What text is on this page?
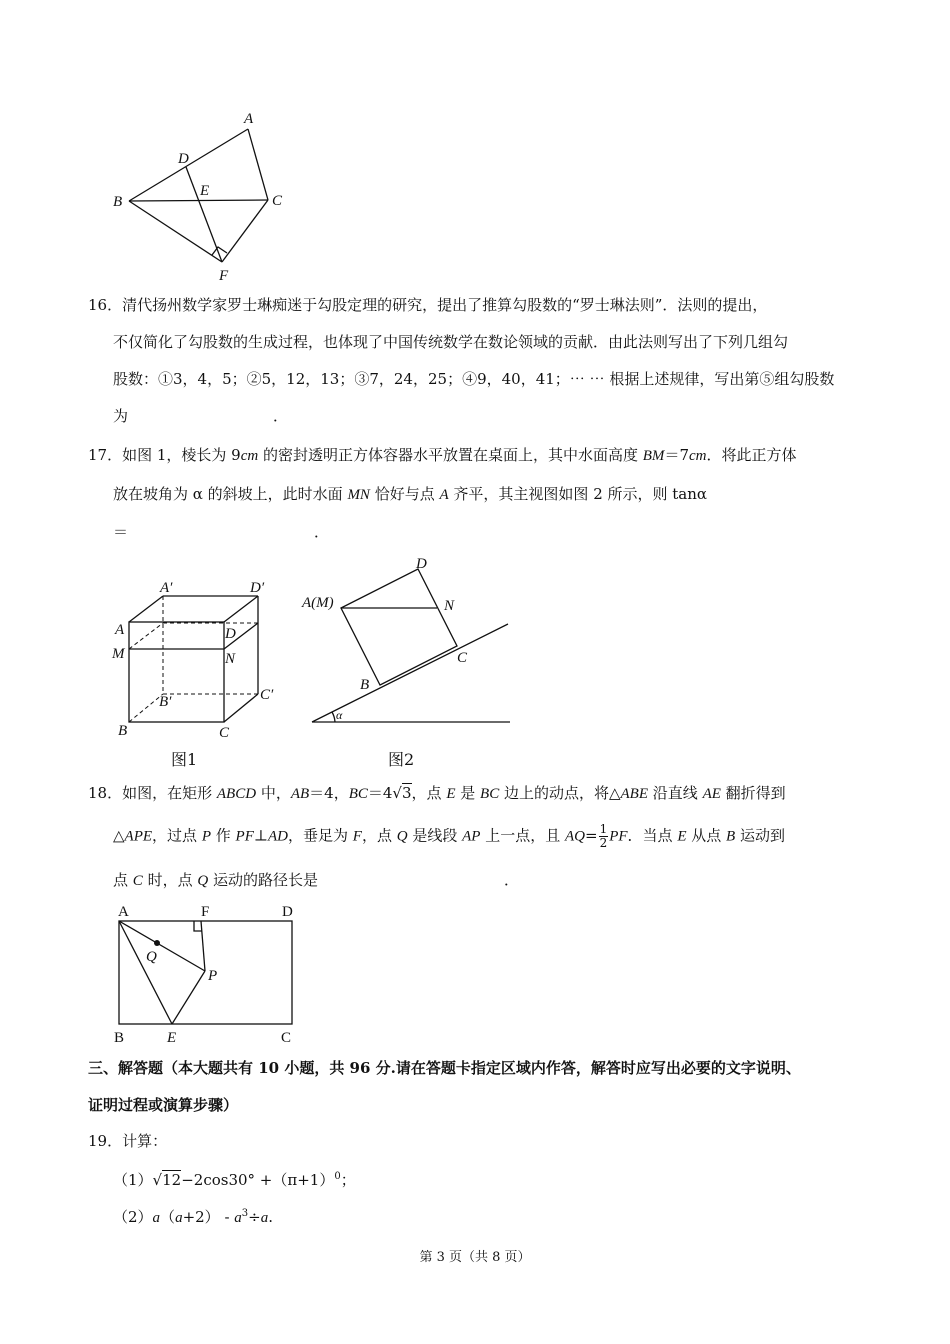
A
D
E
B	C
F
16．清代扬州数学家罗士琳痴迷于勾股定理的研究，提出了推算勾股数的“罗士琳法则”．法则的提出，
不仅简化了勾股数的生成过程，也体现了中国传统数学在数论领域的贡献．由此法则写出了下列几组勾
股数：①3，4，5；②5，12，13；③7，24，25；④9，40，41；⋯ ⋯ 根据上述规律，写出第⑤组勾股数
为	．
17．如图 1，棱长为 9cm 的密封透明正方体容器水平放置在桌面上，其中水面高度 BM＝7cm．将此正方体
放在坡角为 α 的斜坡上，此时水面 MN 恰好与点 A 齐平，其主视图如图 2 所示，则 tanα
＝	．
A′	D′
A	D
M	N
B′	C′
B	C
图1
D
A(M)	N
C
B
α
图2
18．如图，在矩形 ABCD 中，AB＝4，BC＝4√3，点 E 是 BC 边上的动点，将△ABE 沿直线 AE 翻折得到
△APE，过点 P 作 PF⊥AD，垂足为 F，点 Q 是线段 AP 上一点，且 $AQ= \frac{1}{2}$ PF．当点 E 从点 B 运动到
点 C 时，点 Q 运动的路径长是	．
A	F	D
Q
P
B	E	C
三、解答题（本大题共有 10 小题，共 96 分.请在答题卡指定区域内作答，解答时应写出必要的文字说明、
证明过程或演算步骤）
19．计算：
$(1)√12-2\cos 30^\circ +(\pi+1)^0$；
$(2)a(a+2) - a^3\div a$.
第 3 页（共 8 页）
